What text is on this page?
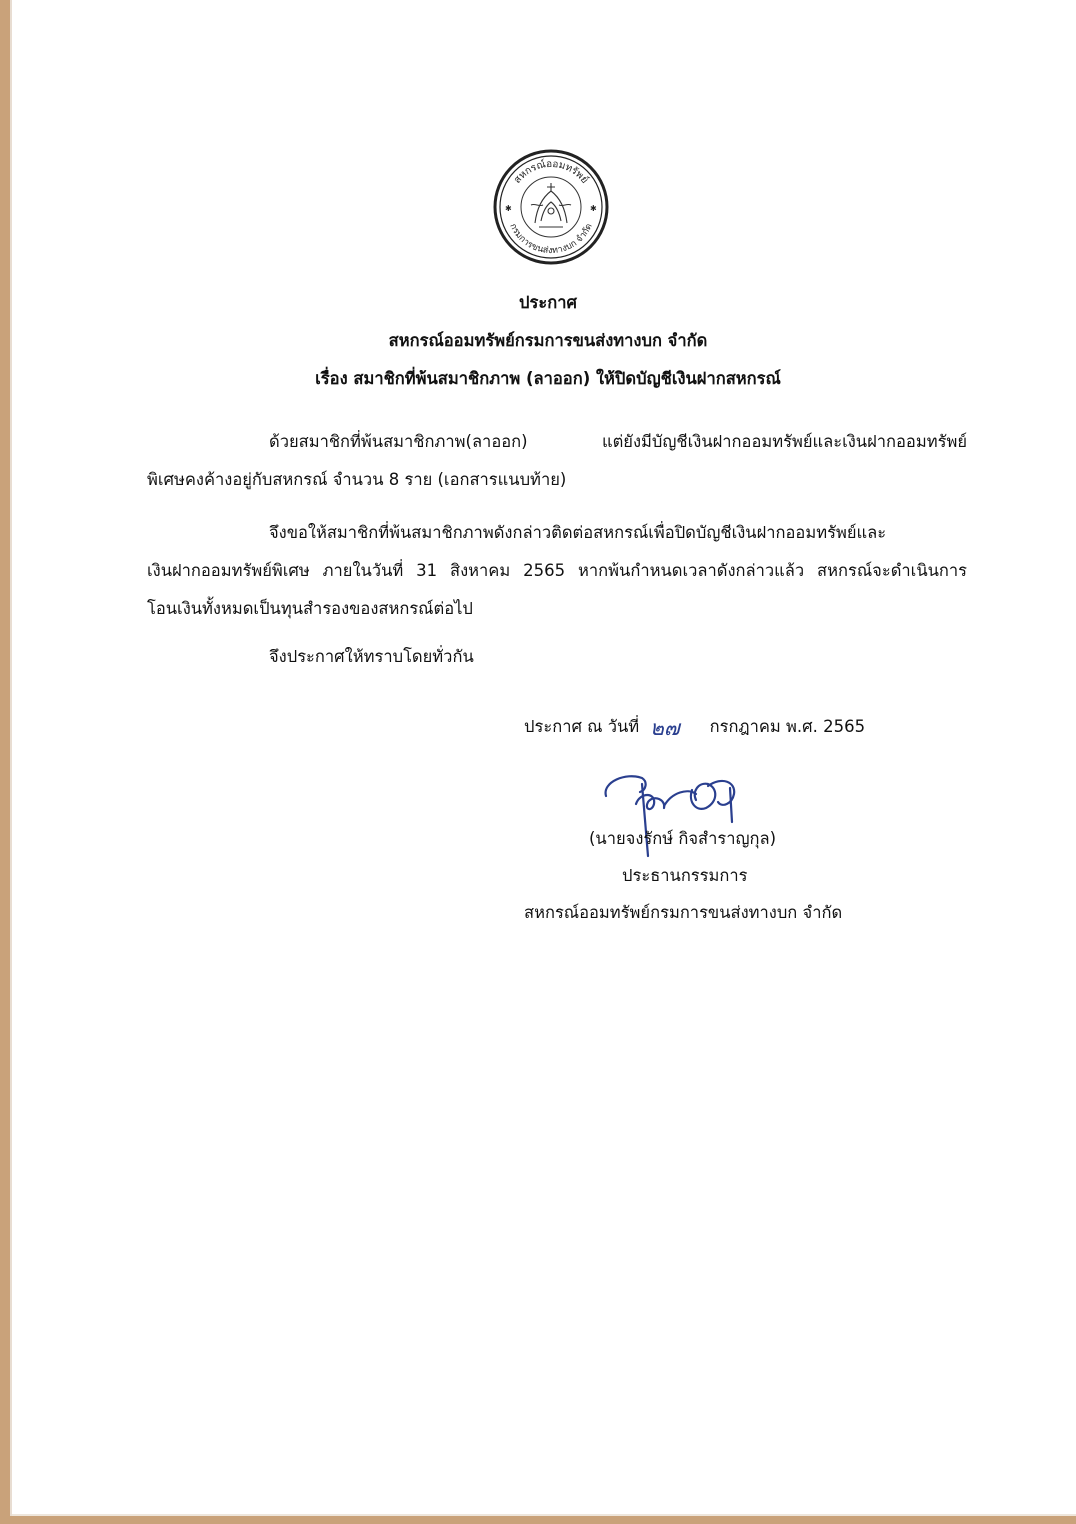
สหกรณ์ออมทรัพย์
กรมการขนส่งทางบก จำกัด
✱	✱
ประกาศ
สหกรณ์ออมทรัพย์กรมการขนส่งทางบก จำกัด
เรื่อง สมาชิกที่พ้นสมาชิกภาพ (ลาออก) ให้ปิดบัญชีเงินฝากสหกรณ์
ด้วยสมาชิกที่พ้นสมาชิกภาพ(ลาออก) แต่ยังมีบัญชีเงินฝากออมทรัพย์และเงินฝากออมทรัพย์
พิเศษคงค้างอยู่กับสหกรณ์ จำนวน 8 ราย (เอกสารแนบท้าย)
จึงขอให้สมาชิกที่พ้นสมาชิกภาพดังกล่าวติดต่อสหกรณ์เพื่อปิดบัญชีเงินฝากออมทรัพย์และ
เงินฝากออมทรัพย์พิเศษ ภายในวันที่ 31 สิงหาคม 2565 หากพ้นกำหนดเวลาดังกล่าวแล้ว สหกรณ์จะดำเนินการ
โอนเงินทั้งหมดเป็นทุนสำรองของสหกรณ์ต่อไป
จึงประกาศให้ทราบโดยทั่วกัน
ประกาศ ณ วันที่ ๒๗ กรกฎาคม พ.ศ. 2565
(นายจงรักษ์ กิจสำราญกุล)
ประธานกรรมการ
สหกรณ์ออมทรัพย์กรมการขนส่งทางบก จำกัด
